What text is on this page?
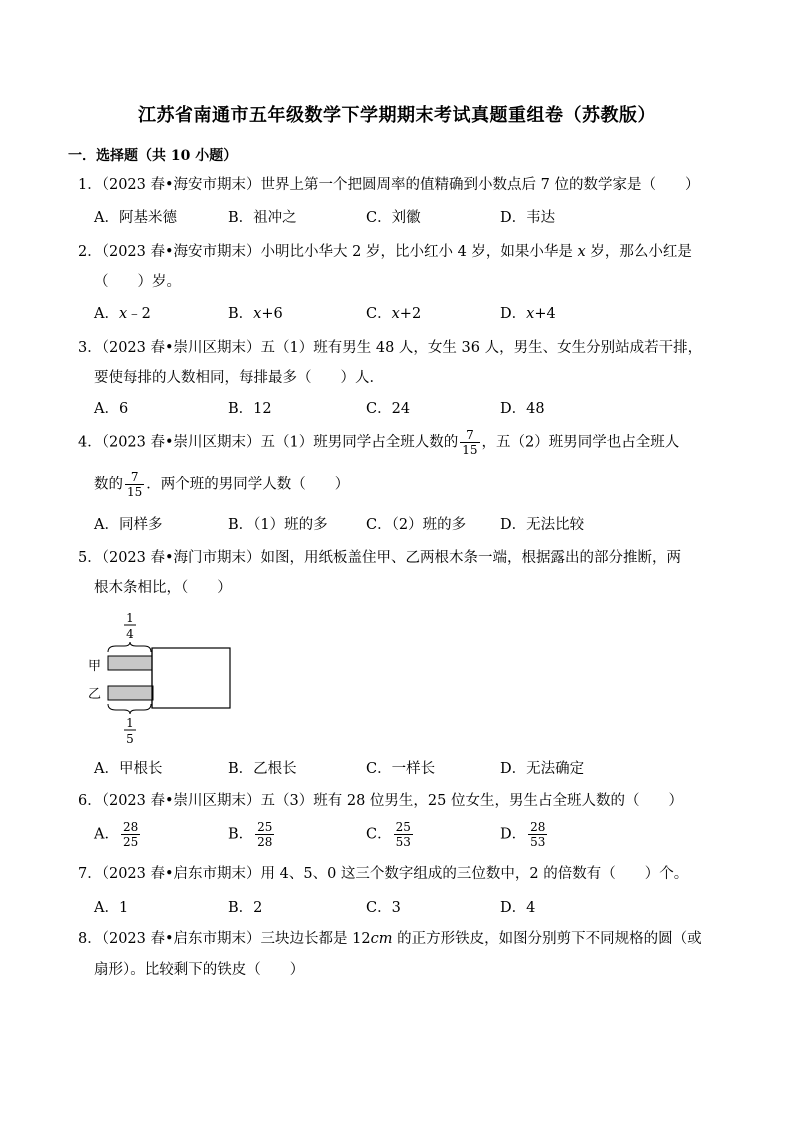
江苏省南通市五年级数学下学期期末考试真题重组卷（苏教版）
一．选择题（共 10 小题）
1．（2023 春•海安市期末）世界上第一个把圆周率的值精确到小数点后 7 位的数学家是（　　）
A．阿基米德	B．祖冲之	C．刘徽	D．韦达
2．（2023 春•海安市期末）小明比小华大 2 岁，比小红小 4 岁，如果小华是 x 岁，那么小红是
（　　）岁。
A．x﹣2	B．x+6	C．x+2	D．x+4
3．（2023 春•崇川区期末）五（1）班有男生 48 人，女生 36 人，男生、女生分别站成若干排，
要使每排的人数相同，每排最多（　　）人．
A．6	B．12	C．24	D．48
4．（2023 春•崇川区期末）五（1）班男同学占全班人数的 $\frac{7}{15}$ ，五（2）班男同学也占全班人
数的 $\frac{7}{15}$ ．两个班的男同学人数（　　）
A．同样多	B．（1）班的多	C．（2）班的多 D．无法比较
5．（2023 春•海门市期末）如图，用纸板盖住甲、乙两根木条一端，根据露出的部分推断，两
根木条相比，（　　）
1
4
甲
乙
1
5
A．甲根长	B．乙根长	C．一样长	D．无法确定
6．（2023 春•崇川区期末）五（3）班有 28 位男生，25 位女生，男生占全班人数的（　　）
A． $\frac{28}{25}$	B． $\frac{25}{28}$	C． $\frac{25}{53}$	D． $\frac{28}{53}$
7．（2023 春•启东市期末）用 4、5、0 这三个数字组成的三位数中，2 的倍数有（　　）个。
A．1	B．2	C．3	D．4
8．（2023 春•启东市期末）三块边长都是 12cm 的正方形铁皮，如图分别剪下不同规格的圆（或
扇形）。比较剩下的铁皮（　　）
